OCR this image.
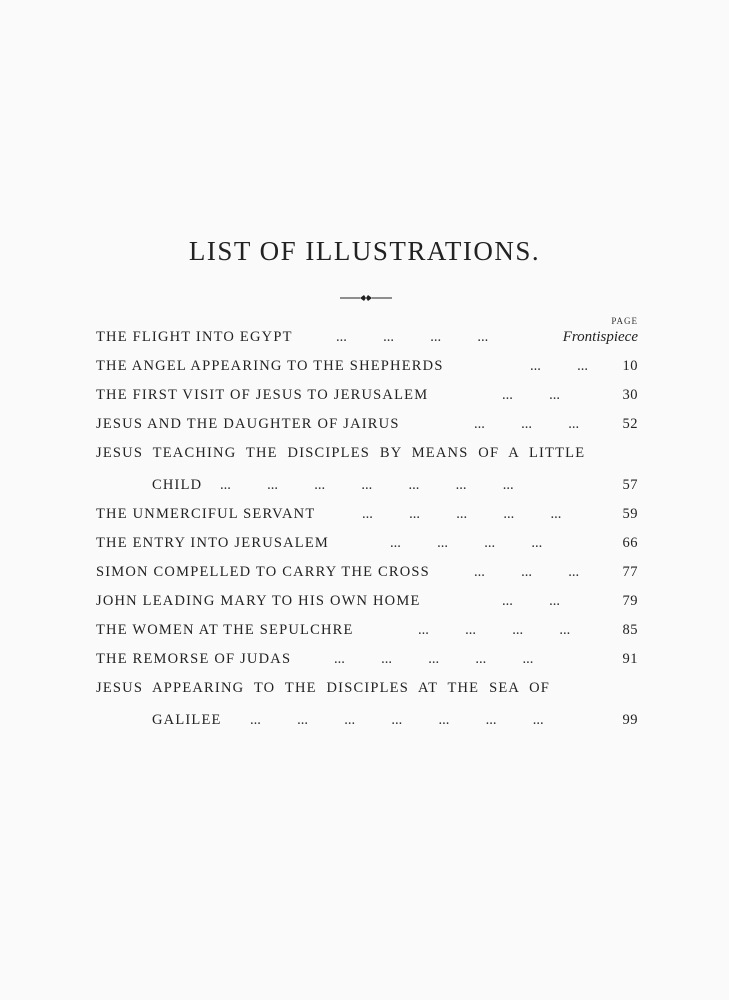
LIST OF ILLUSTRATIONS.
PAGE
THE FLIGHT INTO EGYPT	...          ...          ...          ...	Frontispiece
THE ANGEL APPEARING TO THE SHEPHERDS	...          ... 10
THE FIRST VISIT OF JESUS TO JERUSALEM	...          ...	30
JESUS AND THE DAUGHTER OF JAIRUS	...          ...          ...	52
JESUS TEACHING THE DISCIPLES BY MEANS OF A LITTLE
CHILD ...          ...          ...          ...          ...          ...          ...	57
THE UNMERCIFUL SERVANT	...          ...          ...          ...          ...	59
THE ENTRY INTO JERUSALEM	...          ...          ...          ...	66
SIMON COMPELLED TO CARRY THE CROSS	...          ...          ...	77
JOHN LEADING MARY TO HIS OWN HOME	...          ...	79
THE WOMEN AT THE SEPULCHRE	...          ...          ...          ...	85
THE REMORSE OF JUDAS	...          ...          ...          ...          ...	91
JESUS APPEARING TO THE DISCIPLES AT THE SEA OF
GALILEE ...          ...          ...          ...          ...          ...          ...	99
